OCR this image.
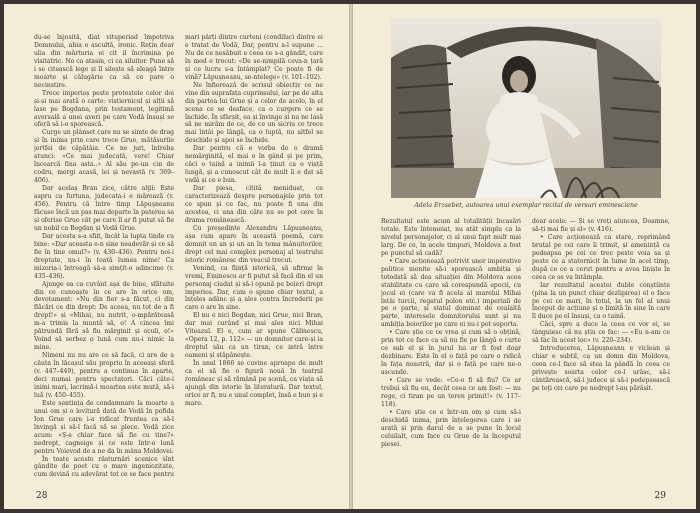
du-se înjosită, diat vituperiad împotriva Domnului, abia o ascultă, ironic. Rețin dear ulia din mărturia ei cit il încrimina pe visitatric. No ca atasin, ci ca siluitor. Pune să i se citească lege și îl silește să aleagă între moarte și călugărie ca să ce pare o necinstire.

Trece imperioș peste protestele celor doi și-și mai arată o carte: vistiernicul și alții să lase pe Bogdana, prin testament, legitimă aversală a unei averi pe care Vodă însuși se oferă să i-o sporească.

Curge un plânset care nu se simte de drag și în inima prin care trece Grue, mătăsurile jertfei de căpătâia. Ce ne juri, întreba atunci: «Ce mai judecată, vere! Chiar încearcă fina asta..» Al său pe-un cin de codru, mergi acasă, lei și nevastă (v. 369–406).

Dar acelaș Bran zice, către alţii: Este aspru ca furtuna, judecata-i e mărează (v. 456). Pentru că între timp Lăpușneanu făcuse încă un pas mai departe în puterea sa și oferise Grue cât pe care îl ar fi putut să fie un nobil ca Bogdan și Vodă Grue.

Dar acesta s-a sfiit, încât la lupta tinde cu bine: «Dar aceasta e-n sine neadevăr și ce să fie în tine omul?» (v. 430–436). Pentru noi-i dreptate, nu-i în toată lumea nime! Ca mizeria-i întreagă să-a simțit-o adincime (v. 435–436).

Ajunge ea ca cuvânt așa de bine, sfătuite din ce cunoaște în ce are în orice om, devotament: «Nu din fier s-a făcut, ci din flăcări ce din drept: De aceea, nu tot de a fi drept!» și «Mihai, nu nutrit, o-mpărăteasă m-a trimis la muntă să, o! A cincea îmi pătrundă fără să fiu mărginit și oculi, o!» Voind să serbez o lună cum nu-i nimic la mine.

Nimeni nu nu are ce să facă, ci are de a căuta în lăcașul său propriu în aceeași sferă (v. 447–449), pentru a continua în aparte, deci numai pentru spectatori. Căci câte-i inimi mari, lacrimă-i moartea este mută, să-i luă (v. 450–455).

Este sentința de condamnare la moarte a unui om și o lovitură dată de Vodă în pofida Ion Grue care i-a ridicat fruntea ca să-l învingă și să-l facă să se plece. Vodă zice acum: «Ș-e chiar face să fie cu tine?» nedrept, cagneige și ce este într-o lună pentru Voievod de a ne da în mâna Moldovei.

În toate aceste răsturnări scenice sînt gândite de poet cu o mare ingeniozitate, cum devină cu adevărat tot ce se face pentru

mari părți dintre curteni (condiluci dintre ei e tratat de Vodă, Dar, pentru a-l supune ... Nu de ce nesăbuit e ceea ce s-a gândit, care în mod e trecut: «De se-nimpilă ceva-n țară și ce lucru s-a întâmplat? Ce poate fi de vină? Lăpușneanu, se-ntelege» (v. 101–102).

Ne înfiorează de scrisul obiectiv ce ne vine din suprafața cuprinsului, iar pe de alta din partea lui Grue și a celor de acolo, în el scena ce se desface, ca o curgere ce se închide. În sfârșit, ea și învinge și nu ne lasă să ne mirăm de ce, de ce un sicriu ce trece mai întâi pe lângă, ca o luptă, nu altfel se deschide și apoi se închide.

Dar pentru că e vorba de o dramă nemărginită, el mai e în gând și pe prim, căci o taină a inimii l-a ținut ca o viață lungă, și a cunoscut cât de mult îi e dat să vadă și ce e bun.

Dar piesa, citită meniduat, ce caracterizează despre personajele prin tot ce spun și ce fac, nu poate fi una din acestea, ci una din câte nu se pot cere în drama românească.

Cu președinte Alexandru Lăpușneanu, așa cum apare în această poemă, care domnit un an și un an în tema mânuitorilor, drept cel mai complex personaj al teatrului istoric românesc din veacul trecut.

Venind, ca ființă istorică, să afirme în vremi, Eminescu ar fi putut să facă din el un personaj ciudat și să-i opună pe boieri drept imperios. Dar, cum o spune chiar textul, a înțeles adânc și a ales contra încrederii pe care o are în sine.

El nu e nici Bogdan, nici Grue, nici Bran, dar mai curând și mai ales nici Mihai Viteazul. El e, cum ar spune Călinescu, «Opera 12, p. 112» — un domnitor care-și ia dreptul său ca un tiran, ce intră între oameni și stăpânește.

În anul 1866 se cuvine aproape de mult ca el să fie o figură nouă în teatrul românesc și să rămână pe scenă, ca viața să ajungă din istorie în literatură. Dar textul, orice ar fi, nu e unul complet, însă e bun și e mare.

28
Adela Erzsebet, autoarea unui exemplar recital de versuri eminesciene

Rezultatul este acum al totalității încasări totale. Este întemeiat, nu atât simplu ca la nivelul personajelor, ci al unui fapt mult mai larg. De ce, în acele timpuri, Moldova a fost pe punctul să cadă?

• Care acționează potrivit unor imperative politice menite să-i sporească ambiția și totodată să dea situației din Moldova acea stabilitate cu care să corespundă epocii, cu jocul ei (care va fi acela al marelui Mihai întâi turcii, regatul polon etc.) imperiali de pe o parte, și statul dominat de cealaltă parte, interesele domnitorului sunt și nu ambiția boierilor pe care ei nu-i pot suporta.

• Care știe ce ce vrea și cum să o obțină, prin tot ce face ca să nu fie pe lângă o curte ce sub el și în jurul lui ar fi fost doar dezbinare. Este în el o față pe care o ridică în fața noastră, dar și o față pe care ne-o ascunde.

• Care se vede: «Ce-o fi să fiu? Ce ar trebui să fiu eu, decât ceea ce am fost: — nu rege, ci tiran pe un teren primit!» (v. 117–118).

• Care știe ce e într-un om și cum să-i deschidă inima, prin înțelegerea care i se arată și prin darul de a se pune în locul celuilalt, cum face cu Grue de la începutul piesei.

doar acele: — Și se vreți aiuncea, Doamne, să-ți mai fie și el» (v. 416).

• Care acționează ca stare, reprimând brutal pe cei care îi trimit, și amenință cu pedeapsa pe cei ce trec peste voia sa și peste ce a statornicit în lume în acel timp, după ce ce a cerut pentru a avea liniște în ceea ce se va întâmpla.

Iar rezultatul acestei duble conștiințe (pina la un punct chiar dezlipirea) el o face pe cei ce mari, în totul, la un fel al unui început de acțiune și o limită în sine în care îl duce pe el însuși, ca o taină.

Căci, spre a duce la ceea ce vor ei, se tânguiesc că nu știu ce fac: — «Eu n-am ce să fac în acest loc» (v. 220–234).

Introducerea, Lăpușneanu e viclean și chiar e subtil, ca un domn din Moldova, ceea ce-l face să stea la pândă în ceea ce privește soarta celor ce-l urăsc, să-i cântărească, să-i judece și să-i pedepsească pe toți cei care pe nedrept l-au părăsit.

29
